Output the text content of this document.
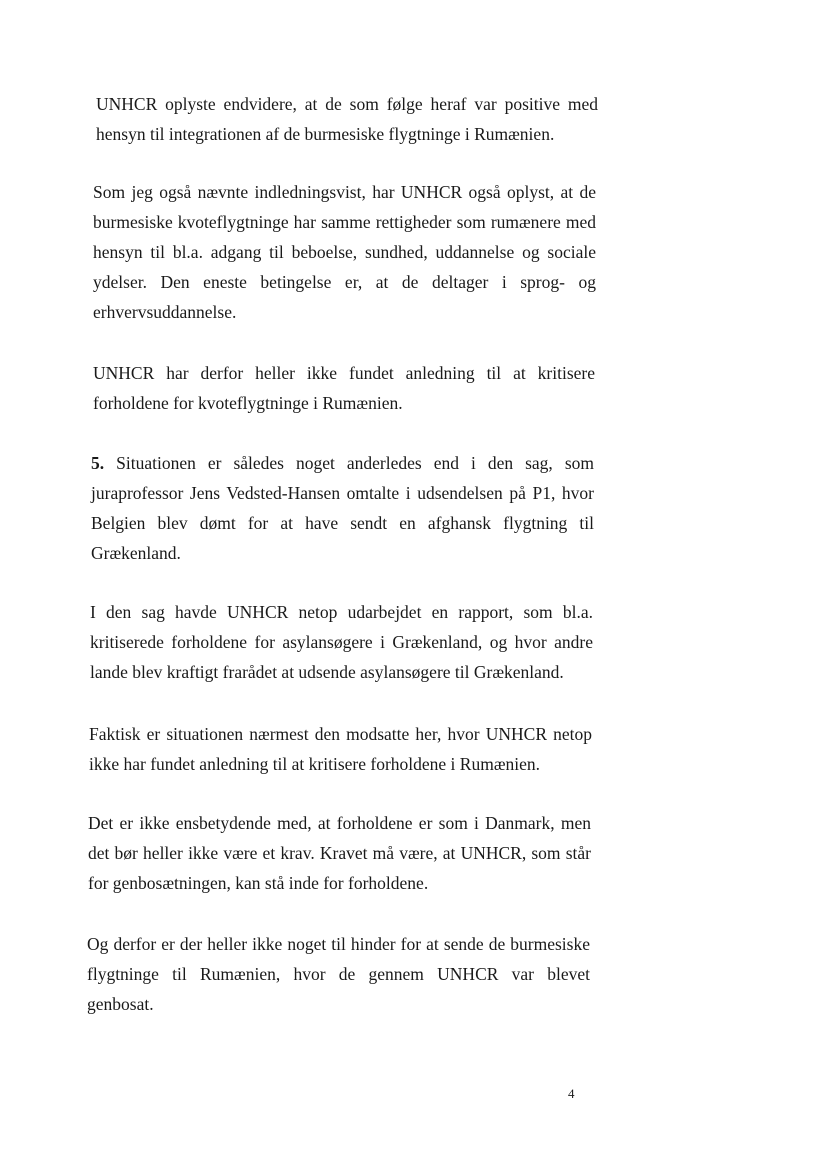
UNHCR oplyste endvidere, at de som følge heraf var positive med hensyn til integrationen af de burmesiske flygtninge i Rumænien.

Som jeg også nævnte indledningsvist, har UNHCR også oplyst, at de burmesiske kvoteflygtninge har samme rettigheder som rumænere med hensyn til bl.a. adgang til beboelse, sundhed, uddannelse og sociale ydelser. Den eneste betingelse er, at de deltager i sprog- og erhvervsuddannelse.

UNHCR har derfor heller ikke fundet anledning til at kritisere forholdene for kvoteflygtninge i Rumænien.

5. Situationen er således noget anderledes end i den sag, som juraprofessor Jens Vedsted-Hansen omtalte i udsendelsen på P1, hvor Belgien blev dømt for at have sendt en afghansk flygtning til Grækenland.

I den sag havde UNHCR netop udarbejdet en rapport, som bl.a. kritiserede forholdene for asylansøgere i Grækenland, og hvor andre lande blev kraftigt frarådet at udsende asylansøgere til Grækenland.

Faktisk er situationen nærmest den modsatte her, hvor UNHCR netop ikke har fundet anledning til at kritisere forholdene i Rumænien.

Det er ikke ensbetydende med, at forholdene er som i Danmark, men det bør heller ikke være et krav. Kravet må være, at UNHCR, som står for genbosætningen, kan stå inde for forholdene.

Og derfor er der heller ikke noget til hinder for at sende de burmesiske flygtninge til Rumænien, hvor de gennem UNHCR var blevet genbosat.

4
